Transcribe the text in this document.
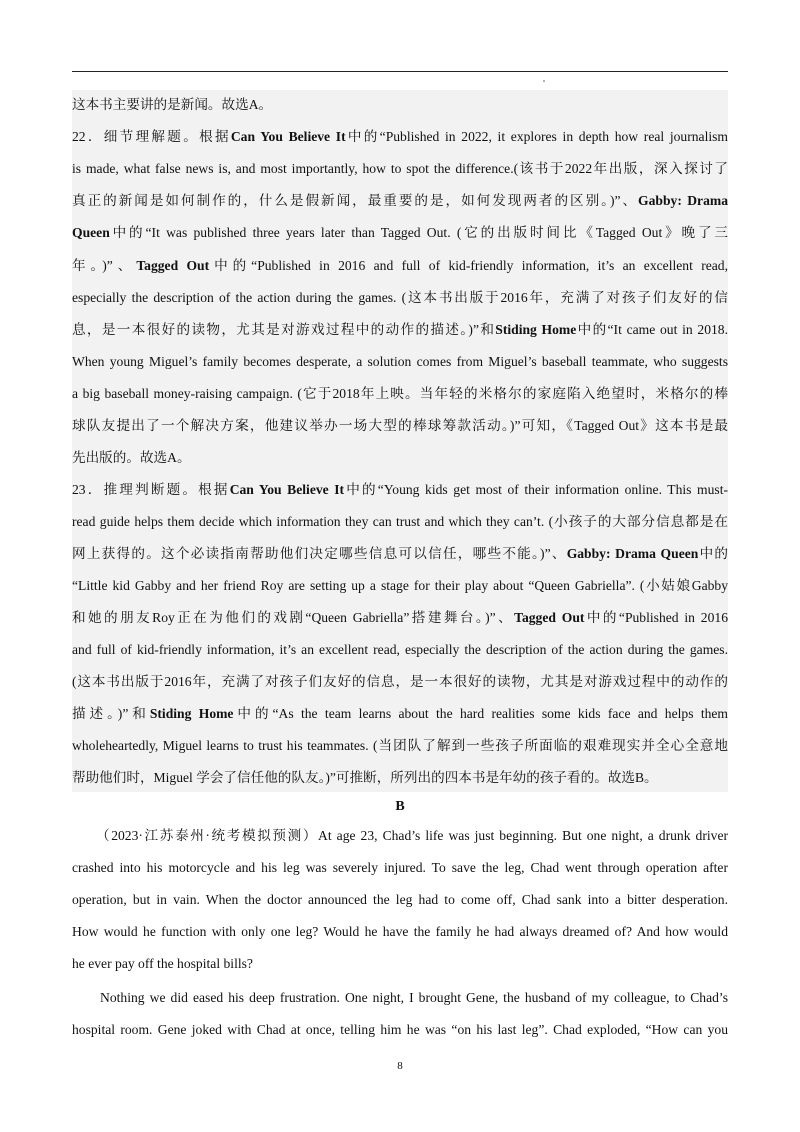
这本书主要讲的是新闻。故选A。
22．细节理解题。根据Can You Believe It中的“Published in 2022, it explores in depth how real journalism
is made, what false news is, and most importantly, how to spot the difference.(该书于2022年出版，深入探讨了
真正的新闻是如何制作的，什么是假新闻，最重要的是，如何发现两者的区别。)”、Gabby: Drama
Queen中的“It was published three years later than Tagged Out. (它的出版时间比《Tagged Out》晚了三
年。)”、Tagged Out中的“Published in 2016 and full of kid-friendly information, it’s an excellent read,
especially the description of the action during the games. (这本书出版于2016年，充满了对孩子们友好的信
息，是一本很好的读物，尤其是对游戏过程中的动作的描述。)”和Stiding Home中的“It came out in 2018.
When young Miguel’s family becomes desperate, a solution comes from Miguel’s baseball teammate, who suggests
a big baseball money-raising campaign. (它于2018年上映。当年轻的米格尔的家庭陷入绝望时，米格尔的棒
球队友提出了一个解决方案，他建议举办一场大型的棒球筹款活动。)”可知，《Tagged Out》这本书是最
先出版的。故选A。
23．推理判断题。根据Can You Believe It中的“Young kids get most of their information online. This must-
read guide helps them decide which information they can trust and which they can’t. (小孩子的大部分信息都是在
网上获得的。这个必读指南帮助他们决定哪些信息可以信任，哪些不能。)”、Gabby: Drama Queen中的
“Little kid Gabby and her friend Roy are setting up a stage for their play about “Queen Gabriella”. (小姑娘Gabby
和她的朋友Roy正在为他们的戏剧“Queen Gabriella”搭建舞台。)”、Tagged Out中的“Published in 2016
and full of kid-friendly information, it’s an excellent read, especially the description of the action during the games.
(这本书出版于2016年，充满了对孩子们友好的信息，是一本很好的读物，尤其是对游戏过程中的动作的
描述。)”和Stiding Home中的“As the team learns about the hard realities some kids face and helps them
wholeheartedly, Miguel learns to trust his teammates. (当团队了解到一些孩子所面临的艰难现实并全心全意地
帮助他们时，Miguel 学会了信任他的队友。)”可推断，所列出的四本书是年幼的孩子看的。故选B。
B
（2023·江苏泰州·统考模拟预测）At age 23, Chad’s life was just beginning. But one night, a drunk driver
crashed into his motorcycle and his leg was severely injured. To save the leg, Chad went through operation after
operation, but in vain. When the doctor announced the leg had to come off, Chad sank into a bitter desperation.
How would he function with only one leg? Would he have the family he had always dreamed of? And how would
he ever pay off the hospital bills?
Nothing we did eased his deep frustration. One night, I brought Gene, the husband of my colleague, to Chad’s
hospital room. Gene joked with Chad at once, telling him he was “on his last leg”. Chad exploded, “How can you
8
